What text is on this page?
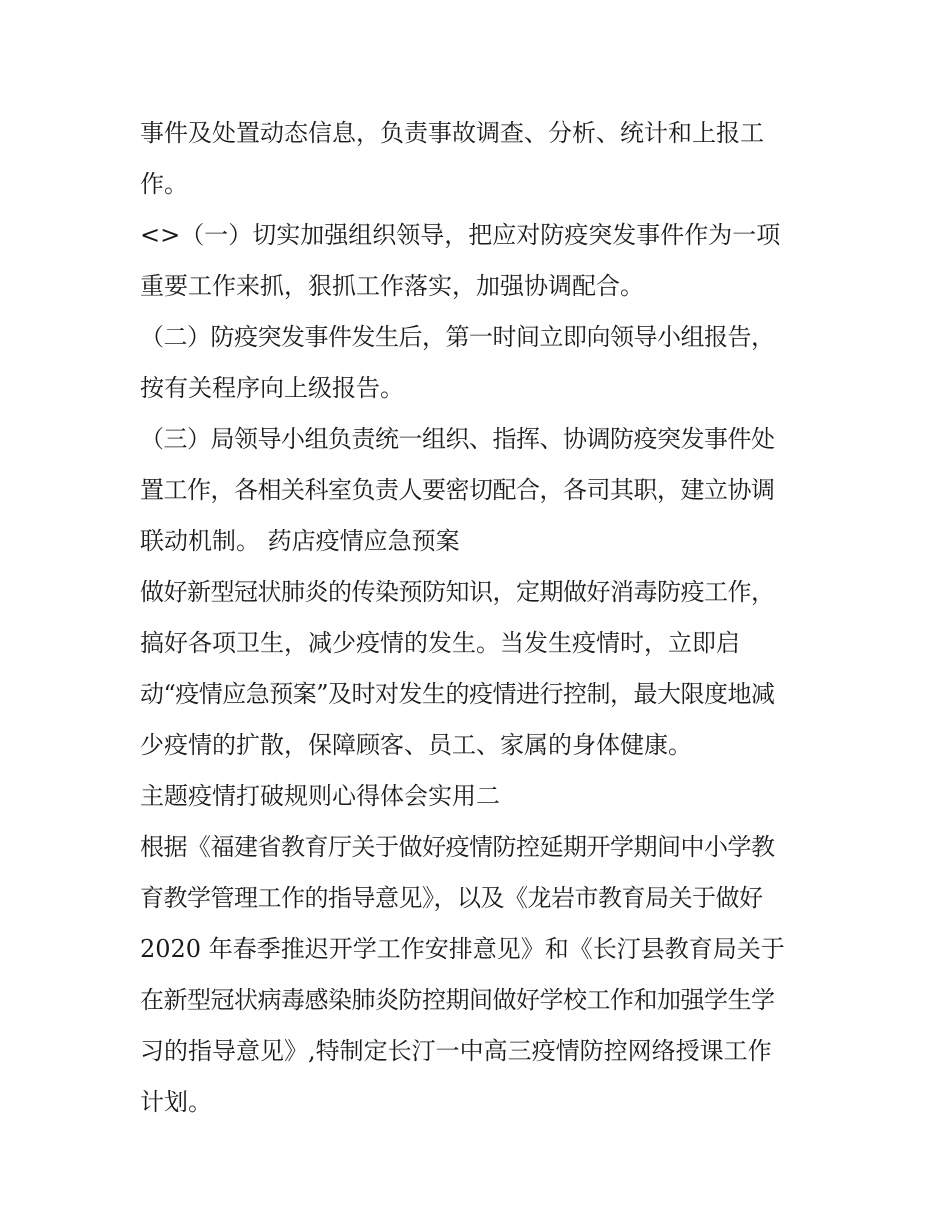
事件及处置动态信息，负责事故调查、分析、统计和上报工
作。
<>（一）切实加强组织领导，把应对防疫突发事件作为一项
重要工作来抓，狠抓工作落实，加强协调配合。
（二）防疫突发事件发生后，第一时间立即向领导小组报告，
按有关程序向上级报告。
（三）局领导小组负责统一组织、指挥、协调防疫突发事件处
置工作，各相关科室负责人要密切配合，各司其职，建立协调
联动机制。 药店疫情应急预案
做好新型冠状肺炎的传染预防知识，定期做好消毒防疫工作，
搞好各项卫生，减少疫情的发生。当发生疫情时，立即启
动“疫情应急预案”及时对发生的疫情进行控制，最大限度地减
少疫情的扩散，保障顾客、员工、家属的身体健康。
主题疫情打破规则心得体会实用二
根据《福建省教育厅关于做好疫情防控延期开学期间中小学教
育教学管理工作的指导意见》，以及《龙岩市教育局关于做好
2020 年春季推迟开学工作安排意见》和《长汀县教育局关于
在新型冠状病毒感染肺炎防控期间做好学校工作和加强学生学
习的指导意见》,特制定长汀一中高三疫情防控网络授课工作
计划。
